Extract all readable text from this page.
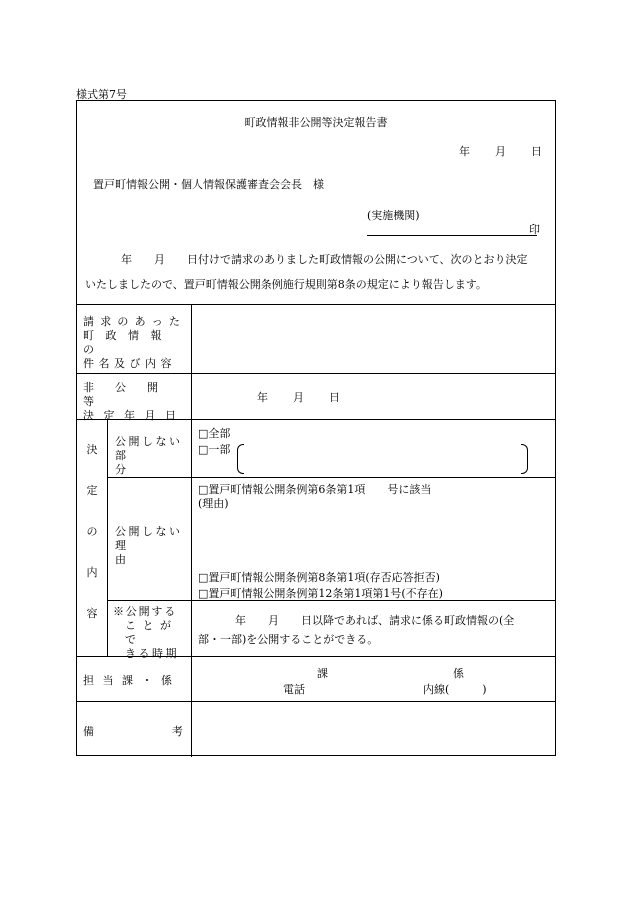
様式第7号
町政情報非公開等決定報告書
年 月 日
置戸町情報公開・個人情報保護審査会会長　様
(実施機関)
印
年　　月　　日付けで請求のありました町政情報の公開について、次のとおり決定
いたしましたので、置戸町情報公開条例施行規則第8条の規定により報告します。
請求のあった
町政情報の
件名及び内容
非公開等
決定年月日
年 月 日
決
定
の
内
容
公開しない
部分
□全部
□一部
公開しない
理由
□置戸町情報公開条例第6条第1項　　号に該当
(理由)
□置戸町情報公開条例第8条第1項(存否応答拒否)
□置戸町情報公開条例第12条第1項第1号(不存在)
※公開する
ことがで
きる時期
年　　月　　日以降であれば、請求に係る町政情報の(全
部・一部)を公開することができる。
担当課・係
課	係
電話	内線(　　　)
備考
